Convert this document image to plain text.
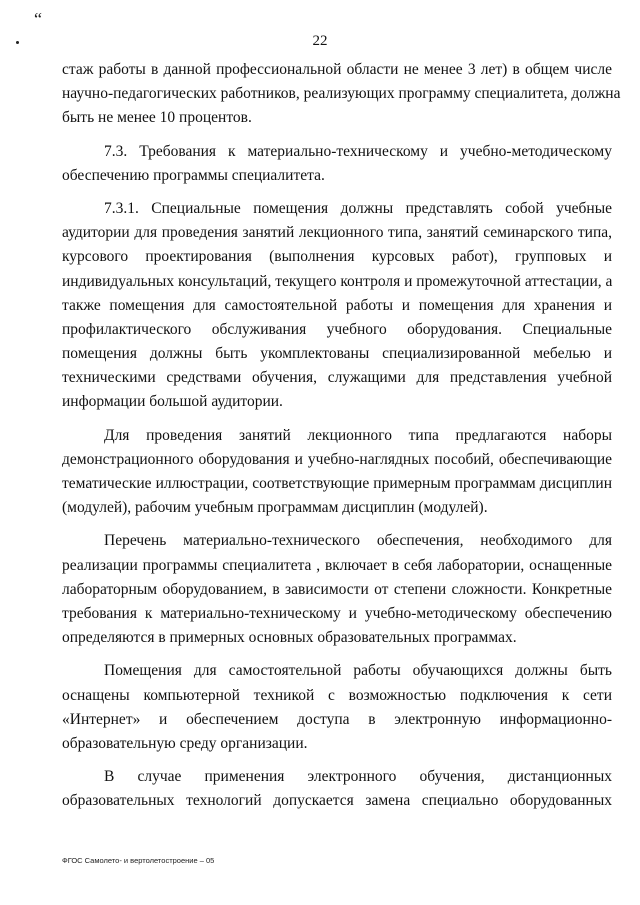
“
22
стаж работы в данной профессиональной области не менее 3 лет) в общем числе
научно-педагогических работников, реализующих программу специалитета, должна
быть не менее 10 процентов.
7.3. Требования к материально-техническому и учебно-методическому
обеспечению программы специалитета.
7.3.1. Специальные помещения должны представлять собой учебные
аудитории для проведения занятий лекционного типа, занятий семинарского типа,
курсового проектирования (выполнения курсовых работ), групповых и
индивидуальных консультаций, текущего контроля и промежуточной аттестации, а
также помещения для самостоятельной работы и помещения для хранения и
профилактического обслуживания учебного оборудования. Специальные
помещения должны быть укомплектованы специализированной мебелью и
техническими средствами обучения, служащими для представления учебной
информации большой аудитории.
Для проведения занятий лекционного типа предлагаются наборы
демонстрационного оборудования и учебно-наглядных пособий, обеспечивающие
тематические иллюстрации, соответствующие примерным программам дисциплин
(модулей), рабочим учебным программам дисциплин (модулей).
Перечень материально-технического обеспечения, необходимого для
реализации программы специалитета , включает в себя лаборатории, оснащенные
лабораторным оборудованием, в зависимости от степени сложности. Конкретные
требования к материально-техническому и учебно-методическому обеспечению
определяются в примерных основных образовательных программах.
Помещения для самостоятельной работы обучающихся должны быть
оснащены компьютерной техникой с возможностью подключения к сети
«Интернет» и обеспечением доступа в электронную информационно-
образовательную среду организации.
В случае применения электронного обучения, дистанционных
образовательных технологий допускается замена специально оборудованных
ФГОС Самолето- и вертолетостроение – 05
